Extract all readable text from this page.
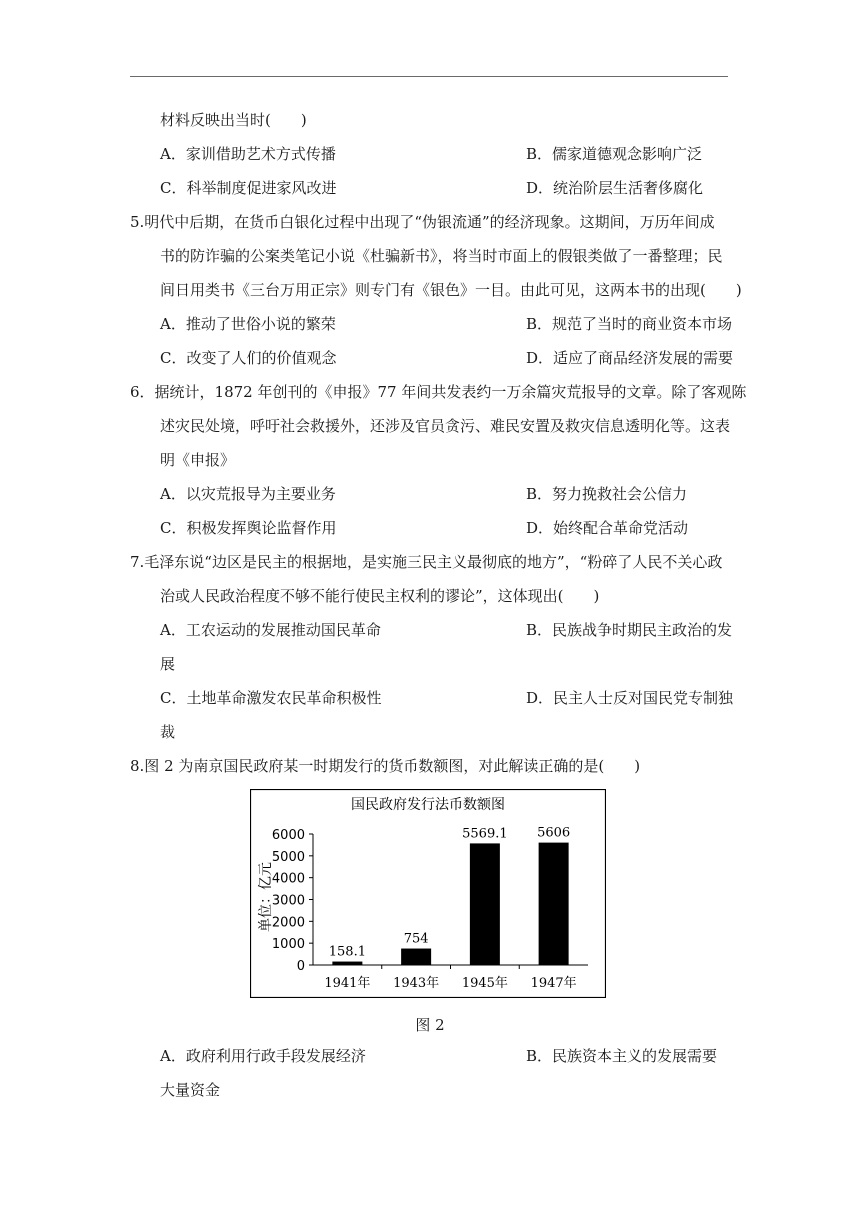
材料反映出当时(　　)
A．家训借助艺术方式传播	B．儒家道德观念影响广泛
C．科举制度促进家风改进	D．统治阶层生活奢侈腐化
5.明代中后期，在货币白银化过程中出现了“伪银流通”的经济现象。这期间，万历年间成
书的防诈骗的公案类笔记小说《杜骗新书》，将当时市面上的假银类做了一番整理；民
间日用类书《三台万用正宗》则专门有《银色》一目。由此可见，这两本书的出现(　　)
A．推动了世俗小说的繁荣	B．规范了当时的商业资本市场
C．改变了人们的价值观念	D．适应了商品经济发展的需要
6．据统计，1872 年创刊的《申报》77 年间共发表约一万余篇灾荒报导的文章。除了客观陈
述灾民处境，呼吁社会救援外，还涉及官员贪污、难民安置及救灾信息透明化等。这表
明《申报》
A．以灾荒报导为主要业务	B．努力挽救社会公信力
C．积极发挥舆论监督作用	D．始终配合革命党活动
7.毛泽东说“边区是民主的根据地，是实施三民主义最彻底的地方”，“粉碎了人民不关心政
治或人民政治程度不够不能行使民主权利的谬论”，这体现出(　　)
A．工农运动的发展推动国民革命	B．民族战争时期民主政治的发
展
C．土地革命激发农民革命积极性	D．民主人士反对国民党专制独
裁
8.图 2 为南京国民政府某一时期发行的货币数额图，对此解读正确的是(　　)
国民政府发行法币数额图
单位：亿元
0
1000
2000
3000
4000
5000
6000
158.1
1941年
754
1943年
5569.1
1945年
5606
1947年
图 2
A．政府利用行政手段发展经济	B．民族资本主义的发展需要
大量资金
